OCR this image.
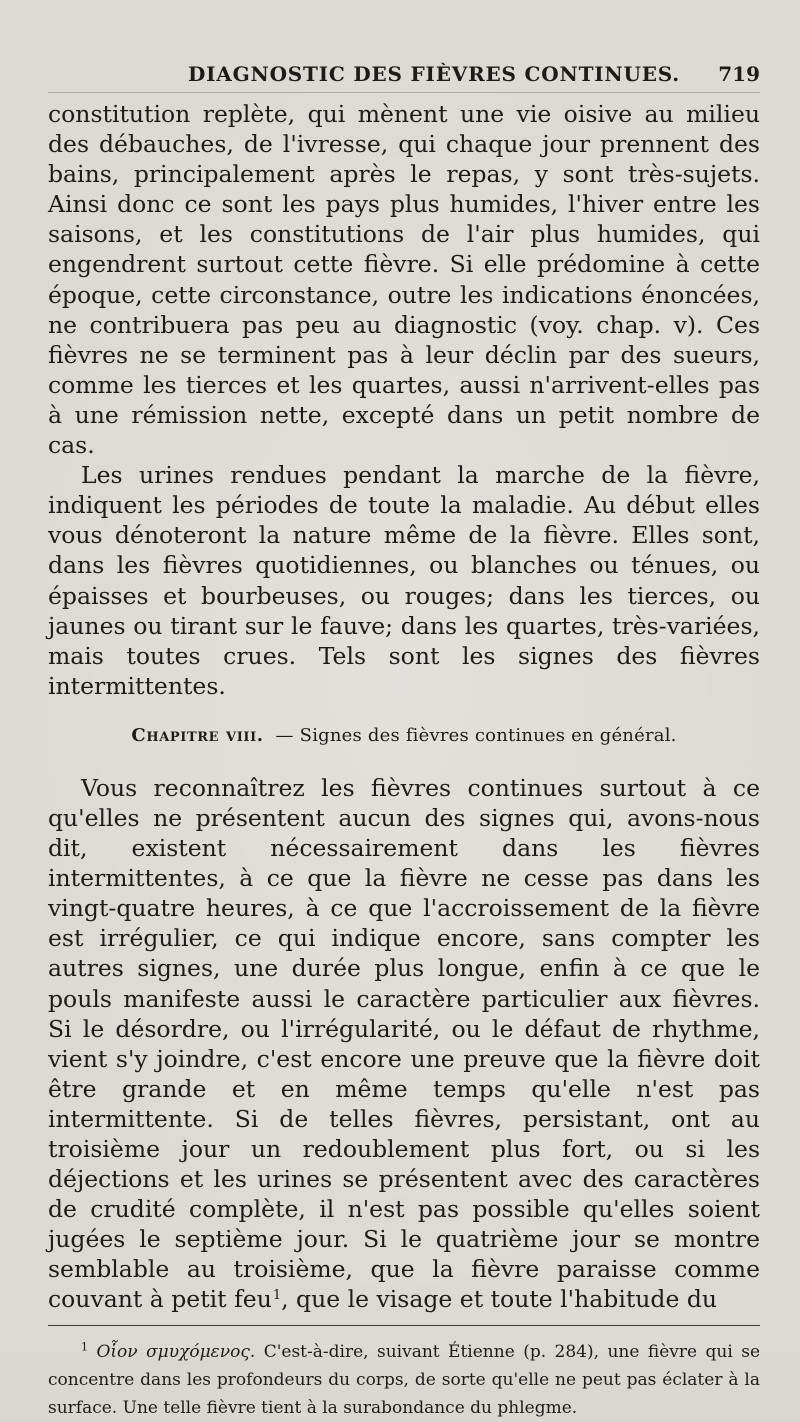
DIAGNOSTIC DES FIÈVRES CONTINUES. 719

constitution replète, qui mènent une vie oisive au milieu des débauches, de l'ivresse, qui chaque jour prennent des bains, principalement après le repas, y sont très-sujets. Ainsi donc ce sont les pays plus humides, l'hiver entre les saisons, et les constitutions de l'air plus humides, qui engendrent surtout cette fièvre. Si elle prédomine à cette époque, cette circonstance, outre les indications énoncées, ne contribuera pas peu au diagnostic (voy. chap. v). Ces fièvres ne se terminent pas à leur déclin par des sueurs, comme les tierces et les quartes, aussi n'arrivent-elles pas à une rémission nette, excepté dans un petit nombre de cas.

Les urines rendues pendant la marche de la fièvre, indiquent les périodes de toute la maladie. Au début elles vous dénoteront la nature même de la fièvre. Elles sont, dans les fièvres quotidiennes, ou blanches ou ténues, ou épaisses et bourbeuses, ou rouges; dans les tierces, ou jaunes ou tirant sur le fauve; dans les quartes, très-variées, mais toutes crues. Tels sont les signes des fièvres intermittentes.

Chapitre viii. — Signes des fièvres continues en général.

Vous reconnaîtrez les fièvres continues surtout à ce qu'elles ne présentent aucun des signes qui, avons-nous dit, existent nécessairement dans les fièvres intermittentes, à ce que la fièvre ne cesse pas dans les vingt-quatre heures, à ce que l'accroissement de la fièvre est irrégulier, ce qui indique encore, sans compter les autres signes, une durée plus longue, enfin à ce que le pouls manifeste aussi le caractère particulier aux fièvres. Si le désordre, ou l'irrégularité, ou le défaut de rhythme, vient s'y joindre, c'est encore une preuve que la fièvre doit être grande et en même temps qu'elle n'est pas intermittente. Si de telles fièvres, persistant, ont au troisième jour un redoublement plus fort, ou si les déjections et les urines se présentent avec des caractères de crudité complète, il n'est pas possible qu'elles soient jugées le septième jour. Si le quatrième jour se montre semblable au troisième, que la fièvre paraisse comme couvant à petit feu$^1$, que le visage et toute l'habitude du

$^1$ Οἷον σμυχόμενος. C'est-à-dire, suivant Étienne (p. 284), une fièvre qui se concentre dans les profondeurs du corps, de sorte qu'elle ne peut pas éclater à la surface. Une telle fièvre tient à la surabondance du phlegme.
